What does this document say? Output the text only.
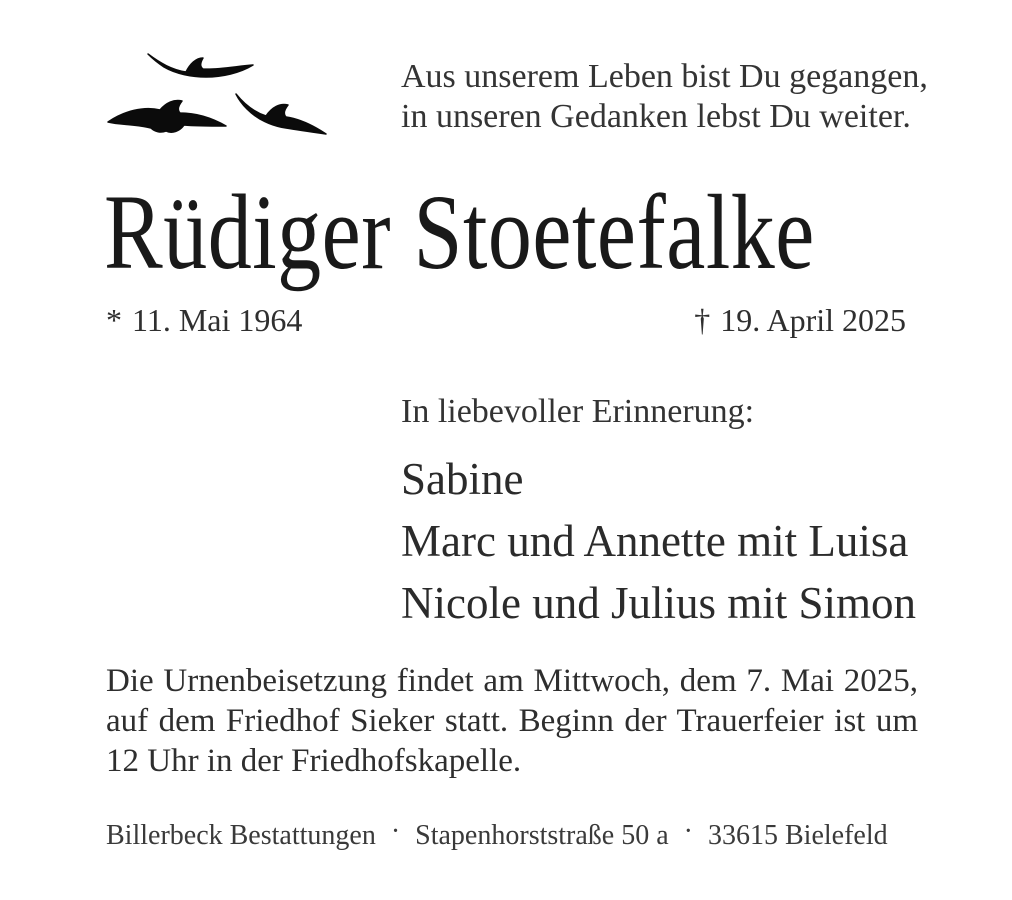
Aus unserem Leben bist Du gegangen,
in unseren Gedanken lebst Du weiter.
Rüdiger Stoetefalke
* 11. Mai 1964	† 19. April 2025

In liebevoller Erinnerung:

Sabine
Marc und Annette mit Luisa
Nicole und Julius mit Simon

Die Urnenbeisetzung findet am Mittwoch, dem 7. Mai 2025, auf dem Friedhof Sieker statt. Beginn der Trauerfeier ist um 12 Uhr in der Friedhofskapelle.

Billerbeck Bestattungen · Stapenhorststraße 50 a · 33615 Bielefeld
